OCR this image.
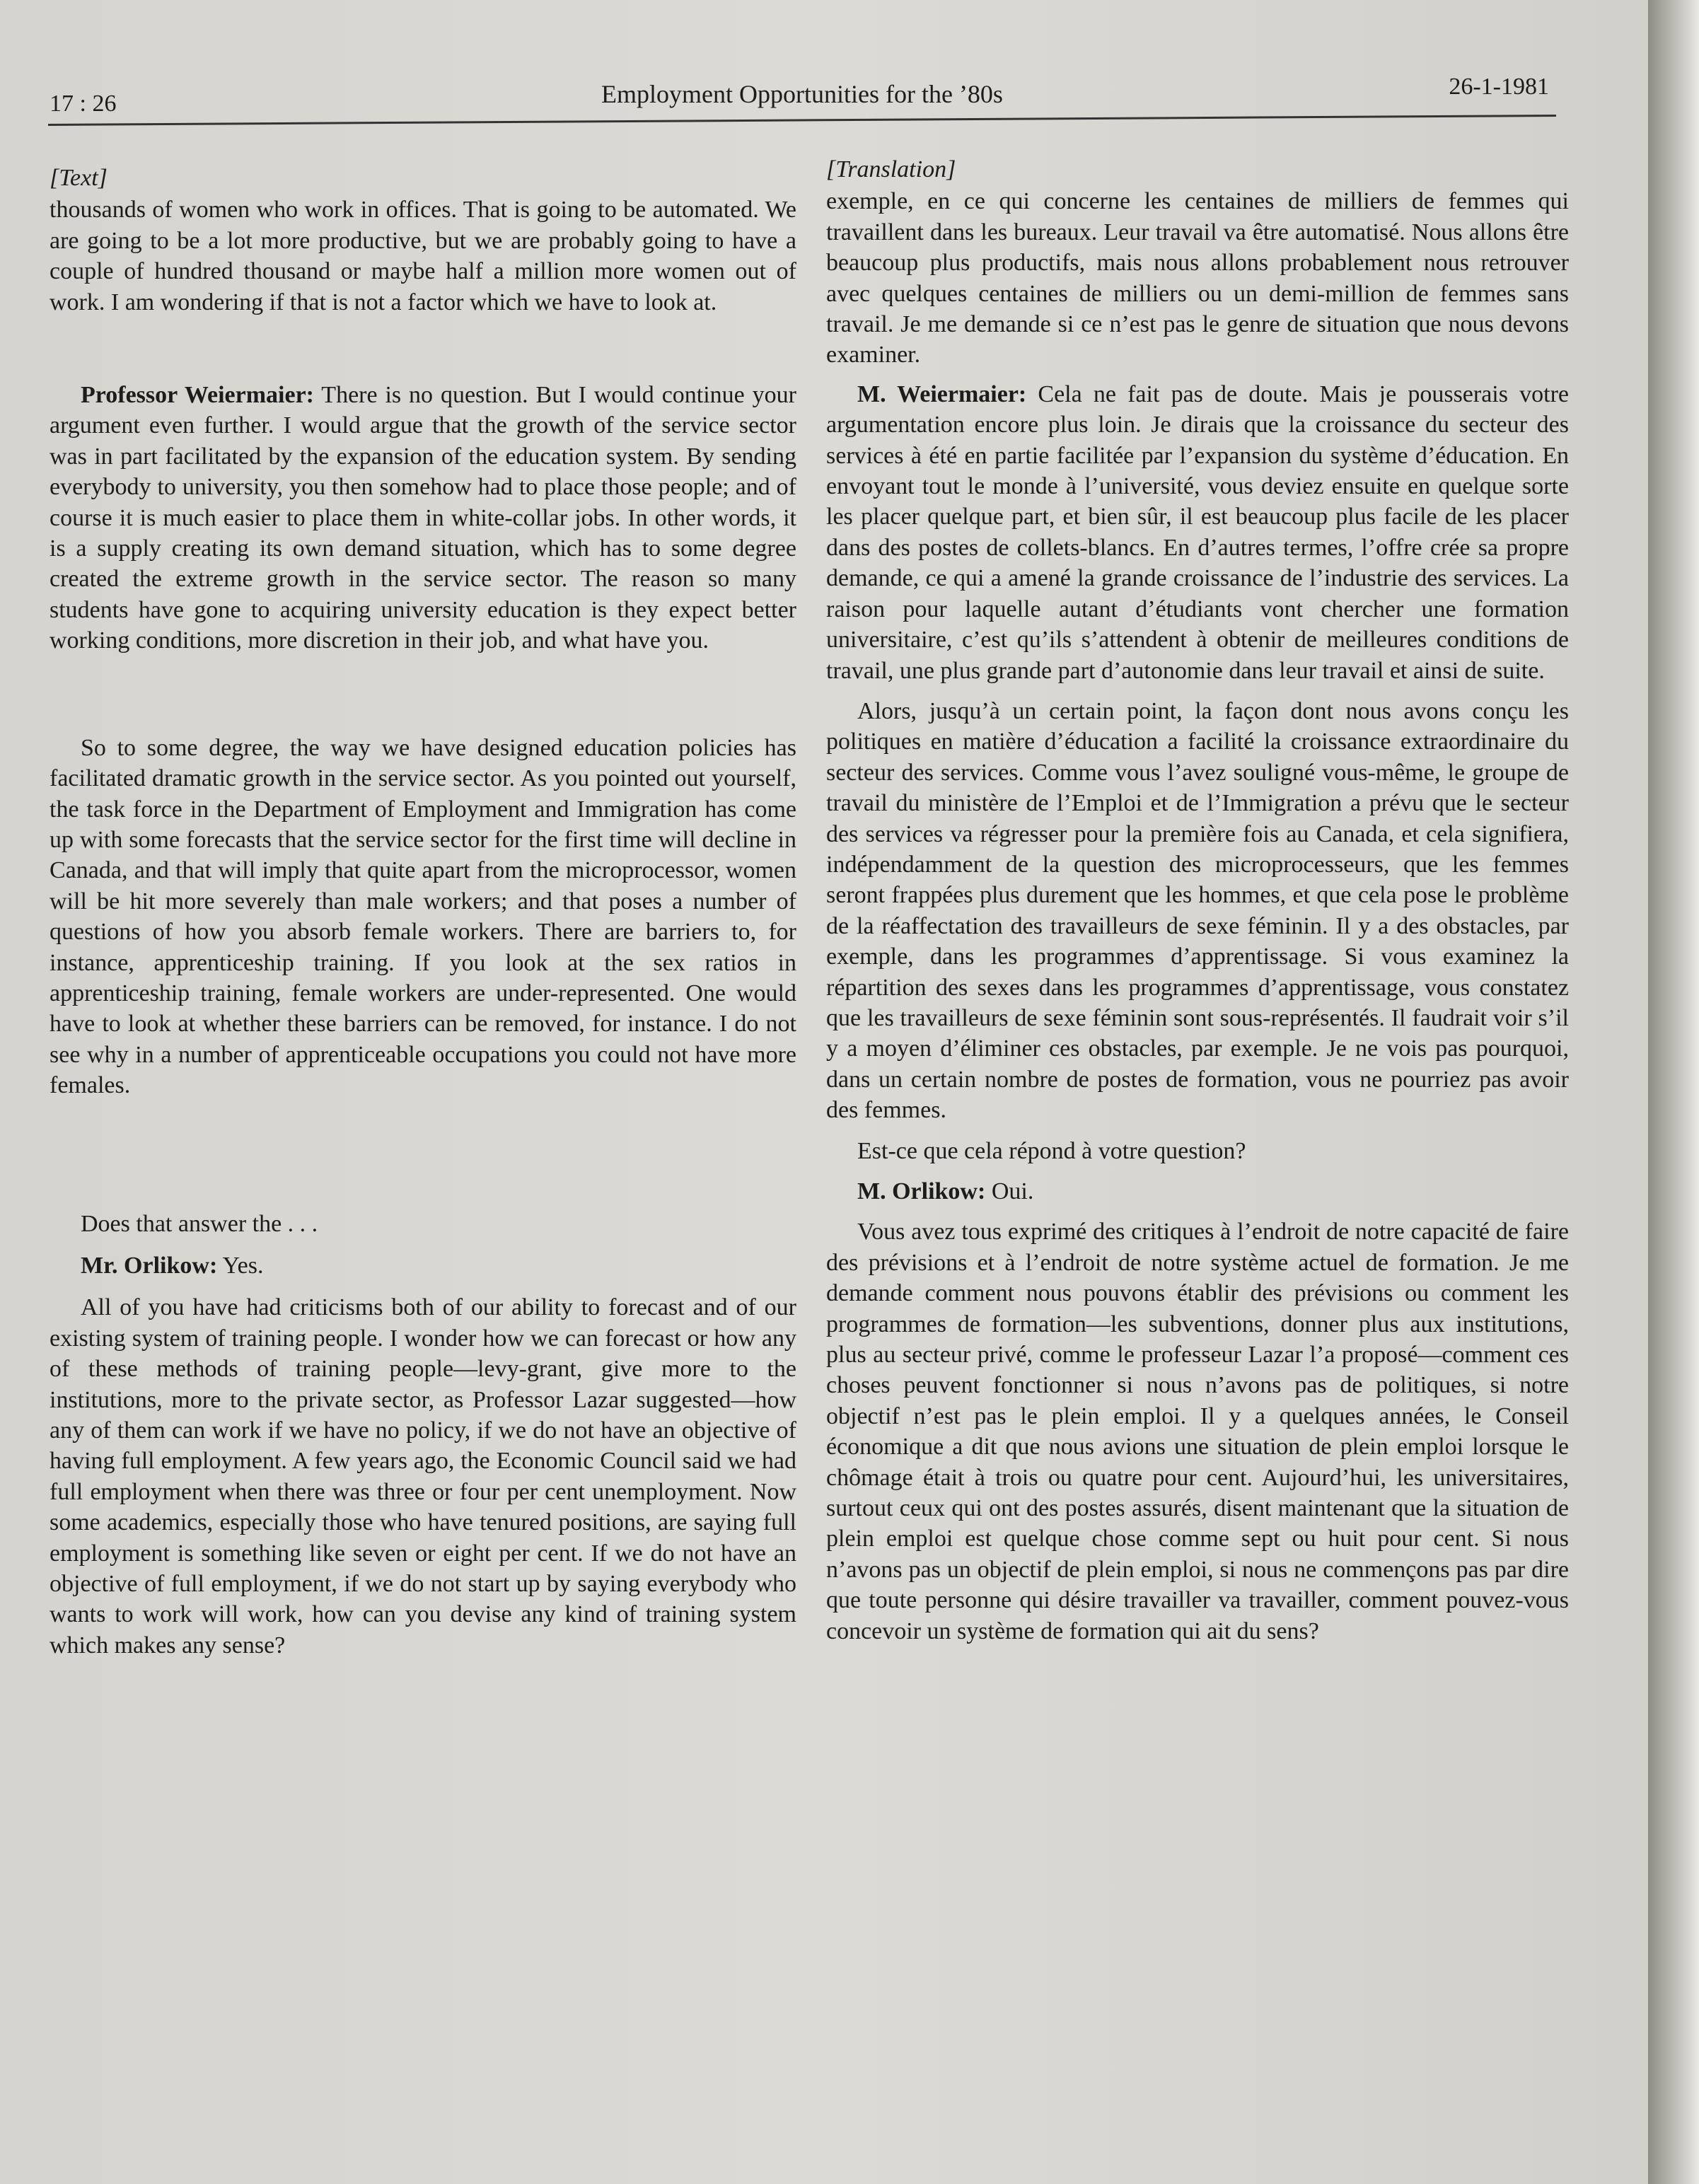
17 : 26	Employment Opportunities for the ’80s	26-1-1981
[Text]

thousands of women who work in offices. That is going to be automated. We are going to be a lot more productive, but we are probably going to have a couple of hundred thousand or maybe half a million more women out of work. I am wondering if that is not a factor which we have to look at.

Professor Weiermaier: There is no question. But I would continue your argument even further. I would argue that the growth of the service sector was in part facilitated by the expansion of the education system. By sending everybody to university, you then somehow had to place those people; and of course it is much easier to place them in white-collar jobs. In other words, it is a supply creating its own demand situation, which has to some degree created the extreme growth in the service sector. The reason so many students have gone to acquiring university education is they expect better working conditions, more discretion in their job, and what have you.

So to some degree, the way we have designed education policies has facilitated dramatic growth in the service sector. As you pointed out yourself, the task force in the Department of Employment and Immigration has come up with some forecasts that the service sector for the first time will decline in Canada, and that will imply that quite apart from the microprocessor, women will be hit more severely than male workers; and that poses a number of questions of how you absorb female workers. There are barriers to, for instance, apprenticeship training. If you look at the sex ratios in apprenticeship training, female workers are under-represented. One would have to look at whether these barriers can be removed, for instance. I do not see why in a number of apprenticeable occupations you could not have more females.

Does that answer the . . .

Mr. Orlikow: Yes.

All of you have had criticisms both of our ability to forecast and of our existing system of training people. I wonder how we can forecast or how any of these methods of training people—levy-grant, give more to the institutions, more to the private sector, as Professor Lazar suggested—how any of them can work if we have no policy, if we do not have an objective of having full employment. A few years ago, the Economic Council said we had full employment when there was three or four per cent unemployment. Now some academics, especially those who have tenured positions, are saying full employment is something like seven or eight per cent. If we do not have an objective of full employment, if we do not start up by saying everybody who wants to work will work, how can you devise any kind of training system which makes any sense?

[Translation]

exemple, en ce qui concerne les centaines de milliers de femmes qui travaillent dans les bureaux. Leur travail va être automatisé. Nous allons être beaucoup plus productifs, mais nous allons probablement nous retrouver avec quelques centaines de milliers ou un demi-million de femmes sans travail. Je me demande si ce n’est pas le genre de situation que nous devons examiner.

M. Weiermaier: Cela ne fait pas de doute. Mais je pousserais votre argumentation encore plus loin. Je dirais que la croissance du secteur des services à été en partie facilitée par l’expansion du système d’éducation. En envoyant tout le monde à l’université, vous deviez ensuite en quelque sorte les placer quelque part, et bien sûr, il est beaucoup plus facile de les placer dans des postes de collets-blancs. En d’autres termes, l’offre crée sa propre demande, ce qui a amené la grande croissance de l’industrie des services. La raison pour laquelle autant d’étudiants vont chercher une formation universitaire, c’est qu’ils s’attendent à obtenir de meilleures conditions de travail, une plus grande part d’autonomie dans leur travail et ainsi de suite.

Alors, jusqu’à un certain point, la façon dont nous avons conçu les politiques en matière d’éducation a facilité la croissance extraordinaire du secteur des services. Comme vous l’avez souligné vous-même, le groupe de travail du ministère de l’Emploi et de l’Immigration a prévu que le secteur des services va régresser pour la première fois au Canada, et cela signifiera, indépendamment de la question des microprocesseurs, que les femmes seront frappées plus durement que les hommes, et que cela pose le problème de la réaffectation des travailleurs de sexe féminin. Il y a des obstacles, par exemple, dans les programmes d’apprentissage. Si vous examinez la répartition des sexes dans les programmes d’apprentissage, vous constatez que les travailleurs de sexe féminin sont sous-représentés. Il faudrait voir s’il y a moyen d’éliminer ces obstacles, par exemple. Je ne vois pas pourquoi, dans un certain nombre de postes de formation, vous ne pourriez pas avoir des femmes.

Est-ce que cela répond à votre question?

M. Orlikow: Oui.

Vous avez tous exprimé des critiques à l’endroit de notre capacité de faire des prévisions et à l’endroit de notre système actuel de formation. Je me demande comment nous pouvons établir des prévisions ou comment les programmes de formation—les subventions, donner plus aux institutions, plus au secteur privé, comme le professeur Lazar l’a proposé—comment ces choses peuvent fonctionner si nous n’avons pas de politiques, si notre objectif n’est pas le plein emploi. Il y a quelques années, le Conseil économique a dit que nous avions une situation de plein emploi lorsque le chômage était à trois ou quatre pour cent. Aujourd’hui, les universitaires, surtout ceux qui ont des postes assurés, disent maintenant que la situation de plein emploi est quelque chose comme sept ou huit pour cent. Si nous n’avons pas un objectif de plein emploi, si nous ne commençons pas par dire que toute personne qui désire travailler va travailler, comment pouvez-vous concevoir un système de formation qui ait du sens?
